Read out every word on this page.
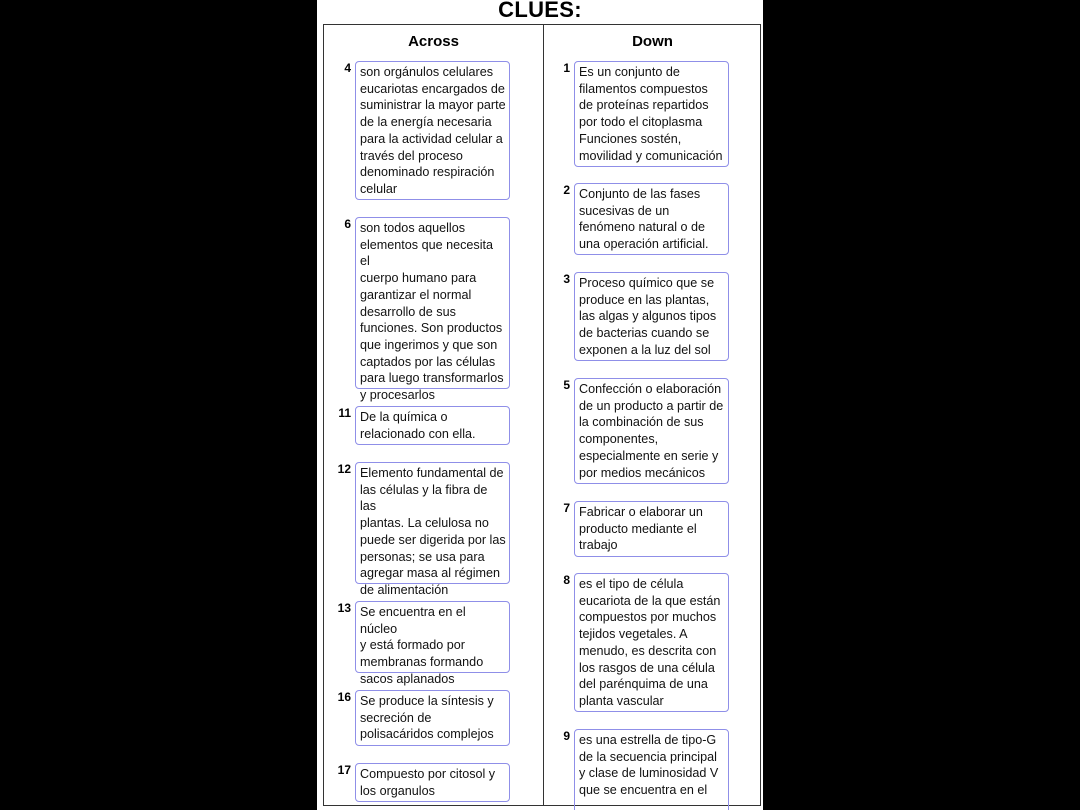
CLUES:
Across	Down
4 son orgánulos celulares
eucariotas encargados de
suministrar la mayor parte
de la energía necesaria
para la actividad celular a
través del proceso
denominado respiración
celular
6 son todos aquellos
elementos que necesita el
cuerpo humano para
garantizar el normal
desarrollo de sus
funciones. Son productos
que ingerimos y que son
captados por las células
para luego transformarlos
y procesarlos
11 De la química o
relacionado con ella.
12 Elemento fundamental de
las células y la fibra de las
plantas. La celulosa no
puede ser digerida por las
personas; se usa para
agregar masa al régimen
de alimentación
13 Se encuentra en el núcleo
y está formado por
membranas formando
sacos aplanados
16 Se produce la síntesis y
secreción de
polisacáridos complejos
17 Compuesto por citosol y
los organulos
1 Es un conjunto de
filamentos compuestos
de proteínas repartidos
por todo el citoplasma
Funciones sostén,
movilidad y comunicación
2 Conjunto de las fases
sucesivas de un
fenómeno natural o de
una operación artificial.
3 Proceso químico que se
produce en las plantas,
las algas y algunos tipos
de bacterias cuando se
exponen a la luz del sol
5 Confección o elaboración
de un producto a partir de
la combinación de sus
componentes,
especialmente en serie y
por medios mecánicos
7 Fabricar o elaborar un
producto mediante el
trabajo
8 es el tipo de célula
eucariota de la que están
compuestos por muchos
tejidos vegetales. A
menudo, es descrita con
los rasgos de una célula
del parénquima de una
planta vascular
9 es una estrella de tipo-G
de la secuencia principal
y clase de luminosidad V
que se encuentra en el
